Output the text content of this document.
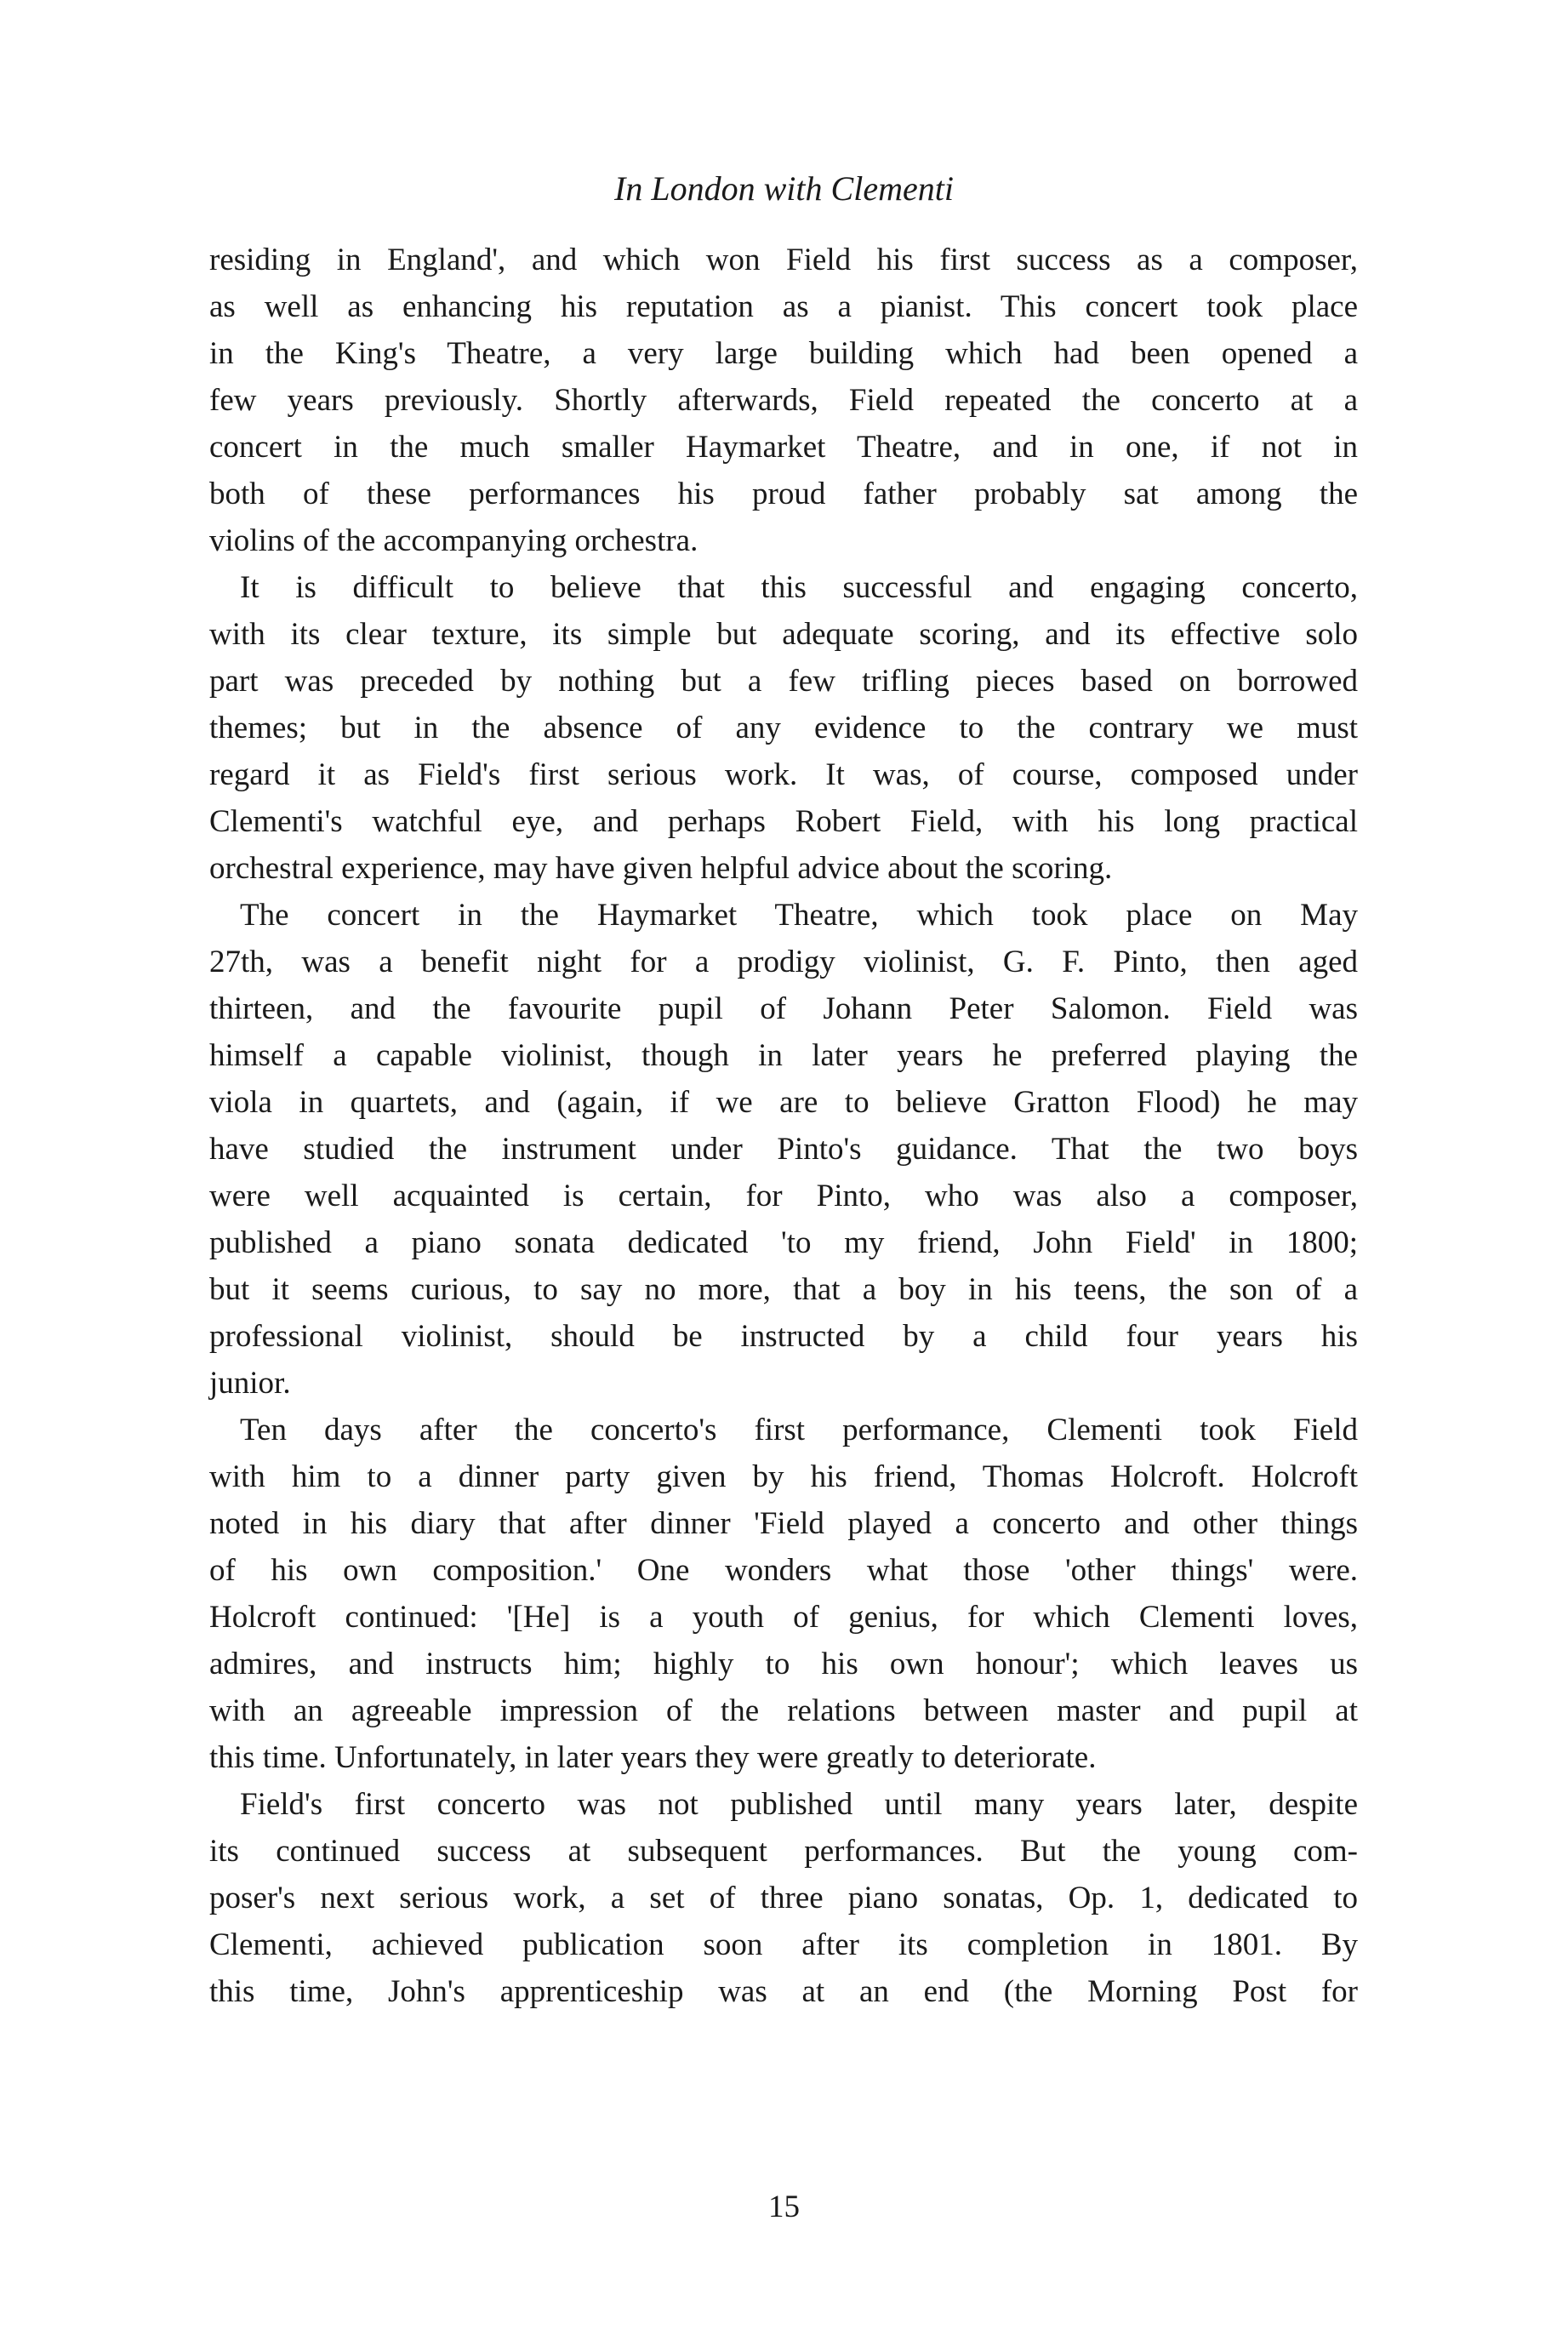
In London with Clementi
residing in England', and which won Field his first success as a composer,
as well as enhancing his reputation as a pianist. This concert took place
in the King's Theatre, a very large building which had been opened a
few years previously. Shortly afterwards, Field repeated the concerto at a
concert in the much smaller Haymarket Theatre, and in one, if not in
both of these performances his proud father probably sat among the
violins of the accompanying orchestra.
It is difficult to believe that this successful and engaging concerto,
with its clear texture, its simple but adequate scoring, and its effective solo
part was preceded by nothing but a few trifling pieces based on borrowed
themes; but in the absence of any evidence to the contrary we must
regard it as Field's first serious work. It was, of course, composed under
Clementi's watchful eye, and perhaps Robert Field, with his long practical
orchestral experience, may have given helpful advice about the scoring.
The concert in the Haymarket Theatre, which took place on May
27th, was a benefit night for a prodigy violinist, G. F. Pinto, then aged
thirteen, and the favourite pupil of Johann Peter Salomon. Field was
himself a capable violinist, though in later years he preferred playing the
viola in quartets, and (again, if we are to believe Gratton Flood) he may
have studied the instrument under Pinto's guidance. That the two boys
were well acquainted is certain, for Pinto, who was also a composer,
published a piano sonata dedicated 'to my friend, John Field' in 1800;
but it seems curious, to say no more, that a boy in his teens, the son of a
professional violinist, should be instructed by a child four years his
junior.
Ten days after the concerto's first performance, Clementi took Field
with him to a dinner party given by his friend, Thomas Holcroft. Holcroft
noted in his diary that after dinner 'Field played a concerto and other things
of his own composition.' One wonders what those 'other things' were.
Holcroft continued: '[He] is a youth of genius, for which Clementi loves,
admires, and instructs him; highly to his own honour'; which leaves us
with an agreeable impression of the relations between master and pupil at
this time. Unfortunately, in later years they were greatly to deteriorate.
Field's first concerto was not published until many years later, despite
its continued success at subsequent performances. But the young com-
poser's next serious work, a set of three piano sonatas, Op. 1, dedicated to
Clementi, achieved publication soon after its completion in 1801. By
this time, John's apprenticeship was at an end (the Morning Post for
15
